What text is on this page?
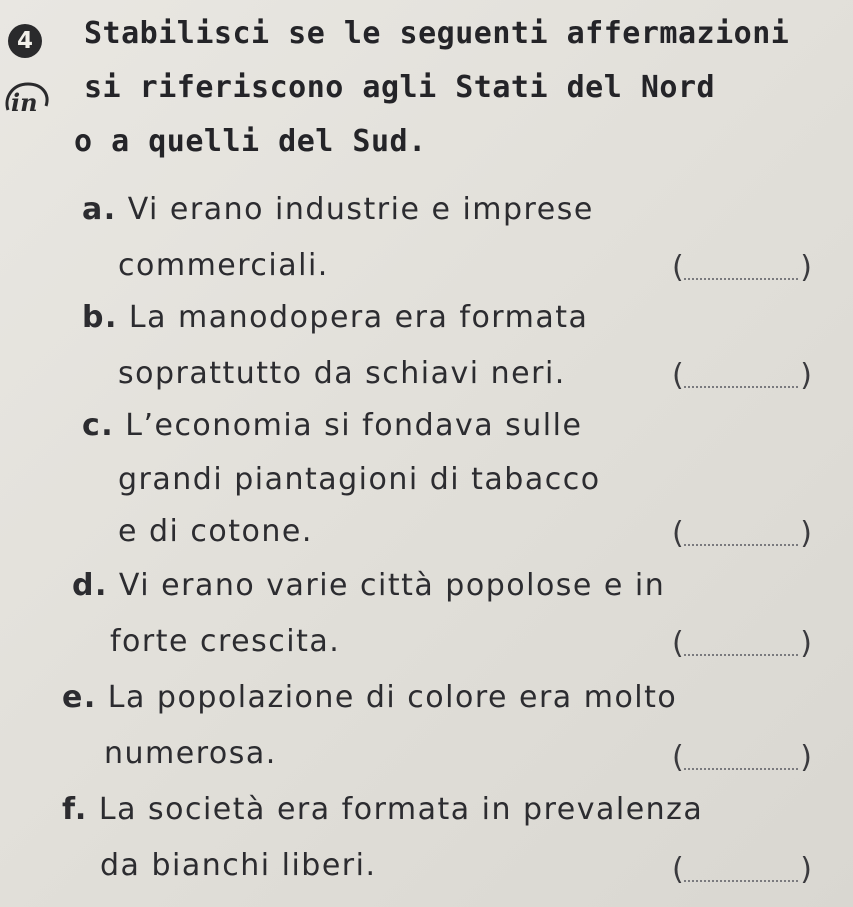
4
in
Stabilisci se le seguenti affermazioni
si riferiscono agli Stati del Nord
o a quelli del Sud.
a. Vi erano industrie e imprese
commerciali.	(	)
b. La manodopera era formata
soprattutto da schiavi neri.	(	)
c. L’economia si fondava sulle
grandi piantagioni di tabacco
e di cotone.	(	)
d. Vi erano varie città popolose e in
forte crescita.	(	)
e. La popolazione di colore era molto
numerosa.	(	)
f. La società era formata in prevalenza
da bianchi liberi.	(	)
